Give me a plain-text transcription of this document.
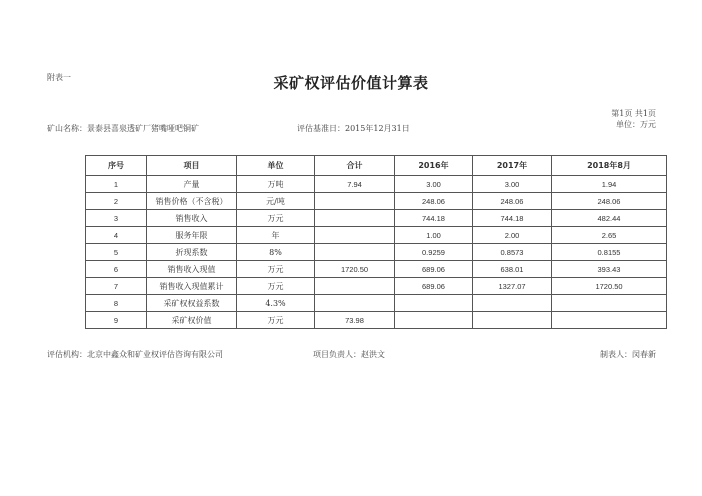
附表一	采矿权评估价值计算表
第1页 共1页
矿山名称：景泰县喜泉透矿厂猪嘴哑吧铜矿	评估基准日：2015年12月31日	单位：万元
序号	项目	单位	合计	2016年	2017年	2018年8月
1	产量	万吨	7.94	3.00	3.00	1.94
2	销售价格（不含税）	元/吨		248.06	248.06	248.06
3	销售收入	万元		744.18	744.18	482.44
4	服务年限	年		1.00	2.00	2.65
5	折现系数	8%		0.9259	0.8573	0.8155
6	销售收入现值	万元	1720.50	689.06	638.01	393.43
7	销售收入现值累计	万元		689.06	1327.07	1720.50
8	采矿权权益系数	4.3%				
9	采矿权价值	万元	73.98			
评估机构：北京中鑫众和矿业权评估咨询有限公司	项目负责人：赵洪文	制表人：闵春新
